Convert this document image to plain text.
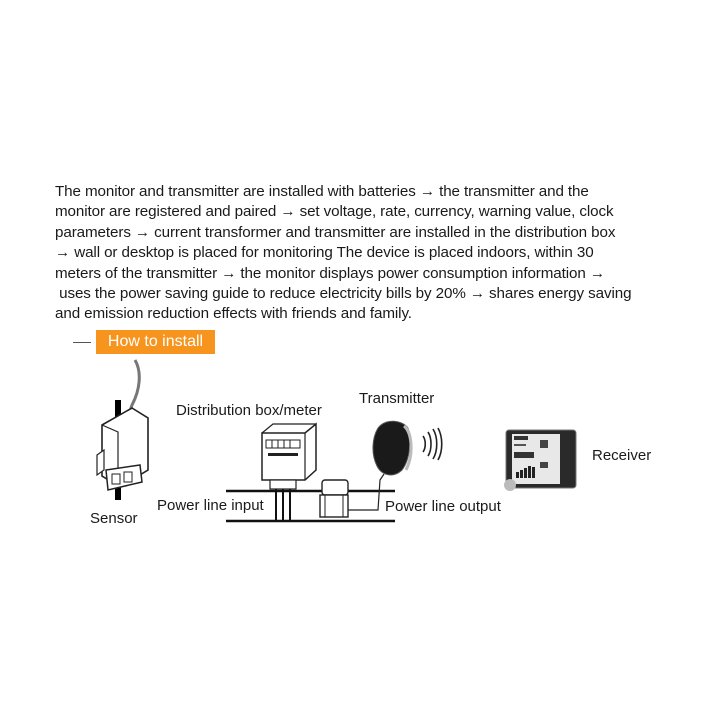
The monitor and transmitter are installed with batteries → the transmitter and the
monitor are registered and paired → set voltage, rate, currency, warning value, clock
parameters → current transformer and transmitter are installed in the distribution box
→ wall or desktop is placed for monitoring The device is placed indoors, within 30
meters of the transmitter → the monitor displays power consumption information →
uses the power saving guide to reduce electricity bills by 20% → shares energy saving
and emission reduction effects with friends and family.
How to install
Sensor
Distribution box/meter
Transmitter
Receiver
Power line input	Power line output
